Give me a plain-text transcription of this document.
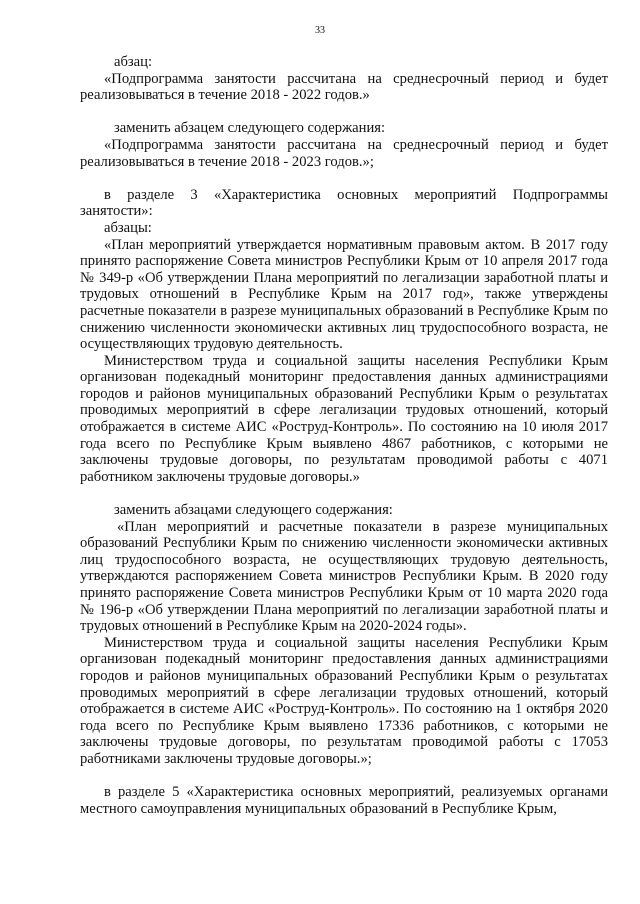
33

абзац:

«Подпрограмма занятости рассчитана на среднесрочный период и будет реализовываться в течение 2018 - 2022 годов.»

заменить абзацем следующего содержания:

«Подпрограмма занятости рассчитана на среднесрочный период и будет реализовываться в течение 2018 - 2023 годов.»;

в разделе 3 «Характеристика основных мероприятий Подпрограммы занятости»:

абзацы:

«План мероприятий утверждается нормативным правовым актом. В 2017 году принято распоряжение Совета министров Республики Крым от 10 апреля 2017 года № 349-р «Об утверждении Плана мероприятий по легализации заработной платы и трудовых отношений в Республике Крым на 2017 год», также утверждены расчетные показатели в разрезе муниципальных образований в Республике Крым по снижению численности экономически активных лиц трудоспособного возраста, не осуществляющих трудовую деятельность.

Министерством труда и социальной защиты населения Республики Крым организован подекадный мониторинг предоставления данных администрациями городов и районов муниципальных образований Республики Крым о результатах проводимых мероприятий в сфере легализации трудовых отношений, который отображается в системе АИС «Роструд-Контроль». По состоянию на 10 июля 2017 года всего по Республике Крым выявлено 4867 работников, с которыми не заключены трудовые договоры, по результатам проводимой работы с 4071 работником заключены трудовые договоры.»

заменить абзацами следующего содержания:

«План мероприятий и расчетные показатели в разрезе муниципальных образований Республики Крым по снижению численности экономически активных лиц трудоспособного возраста, не осуществляющих трудовую деятельность, утверждаются распоряжением Совета министров Республики Крым. В 2020 году принято распоряжение Совета министров Республики Крым от 10 марта 2020 года № 196-р «Об утверждении Плана мероприятий по легализации заработной платы и трудовых отношений в Республике Крым на 2020-2024 годы».

Министерством труда и социальной защиты населения Республики Крым организован подекадный мониторинг предоставления данных администрациями городов и районов муниципальных образований Республики Крым о результатах проводимых мероприятий в сфере легализации трудовых отношений, который отображается в системе АИС «Роструд-Контроль». По состоянию на 1 октября 2020 года всего по Республике Крым выявлено 17336 работников, с которыми не заключены трудовые договоры, по результатам проводимой работы с 17053 работниками заключены трудовые договоры.»;

в разделе 5 «Характеристика основных мероприятий, реализуемых органами местного самоуправления муниципальных образований в Республике Крым,
